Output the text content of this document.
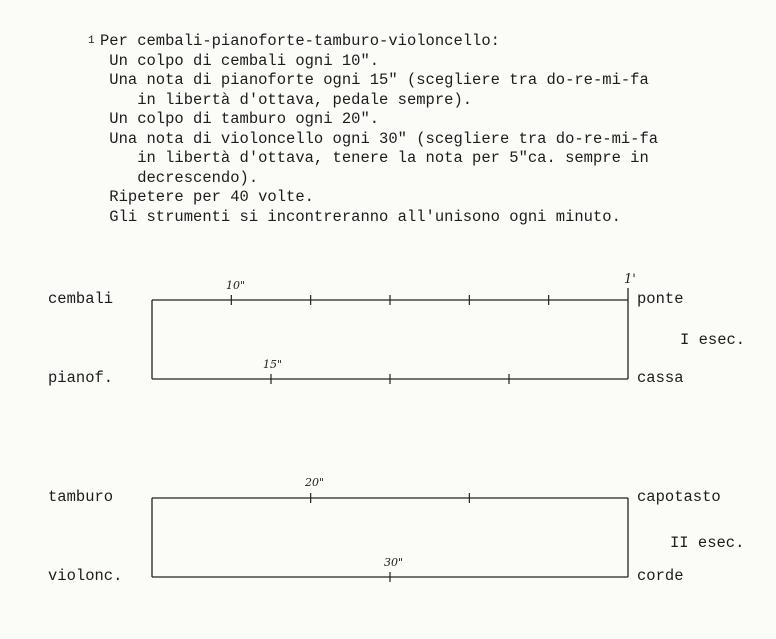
1 Per cembali-pianoforte-tamburo-violoncello:
Un colpo di cembali ogni 10".
Una nota di pianoforte ogni 15" (scegliere tra do-re-mi-fa
in libertà d'ottava, pedale sempre).
Un colpo di tamburo ogni 20".
Una nota di violoncello ogni 30" (scegliere tra do-re-mi-fa
in libertà d'ottava, tenere la nota per 5"ca. sempre in
decrescendo).
Ripetere per 40 volte.
Gli strumenti si incontreranno all'unisono ogni minuto.
cembali
pianof.
tamburo
violonc.
ponte
cassa
capotasto
corde
I esec.
II esec.
10"
15"
20"
30"
1'
